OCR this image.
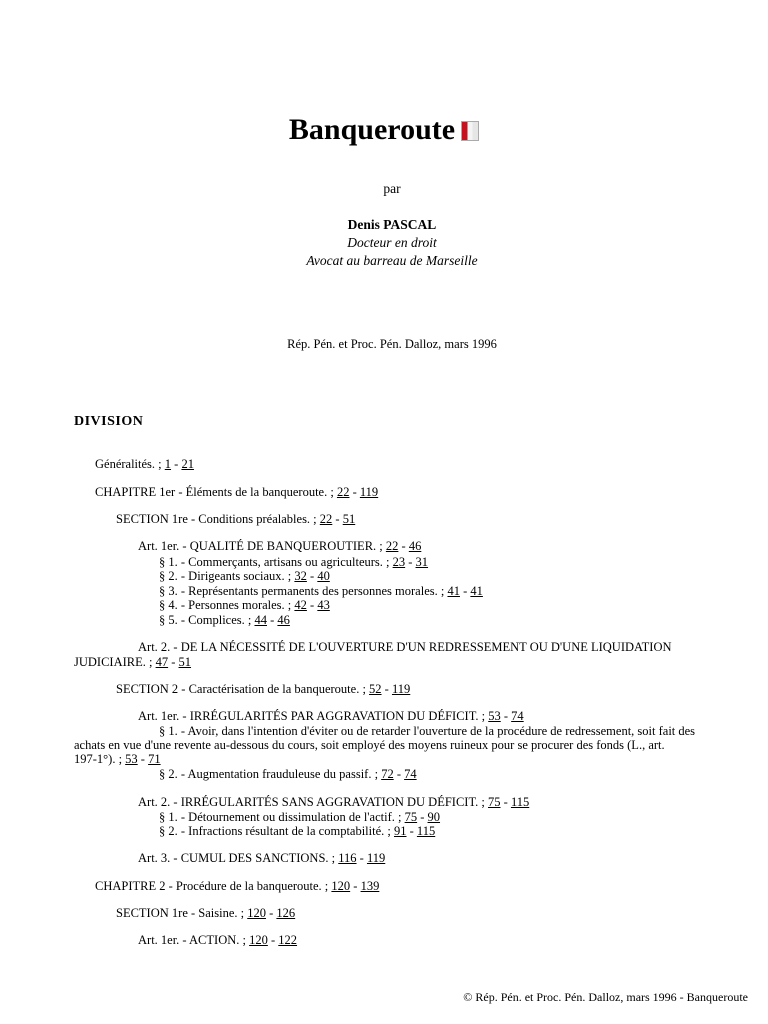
Banqueroute
par
Denis PASCAL
Docteur en droit
Avocat au barreau de Marseille
Rép. Pén. et Proc. Pén. Dalloz, mars 1996
DIVISION
Généralités. ; 1 - 21
CHAPITRE 1er - Éléments de la banqueroute. ; 22 - 119
SECTION 1re - Conditions préalables. ; 22 - 51
Art. 1er. - QUALITÉ DE BANQUEROUTIER. ; 22 - 46
§ 1. - Commerçants, artisans ou agriculteurs. ; 23 - 31
§ 2. - Dirigeants sociaux. ; 32 - 40
§ 3. - Représentants permanents des personnes morales. ; 41 - 41
§ 4. - Personnes morales. ; 42 - 43
§ 5. - Complices. ; 44 - 46
Art. 2. - DE LA NÉCESSITÉ DE L'OUVERTURE D'UN REDRESSEMENT OU D'UNE LIQUIDATION
JUDICIAIRE. ; 47 - 51
SECTION 2 - Caractérisation de la banqueroute. ; 52 - 119
Art. 1er. - IRRÉGULARITÉS PAR AGGRAVATION DU DÉFICIT. ; 53 - 74
§ 1. - Avoir, dans l'intention d'éviter ou de retarder l'ouverture de la procédure de redressement, soit fait des
achats en vue d'une revente au-dessous du cours, soit employé des moyens ruineux pour se procurer des fonds (L., art.
197-1°). ; 53 - 71
§ 2. - Augmentation frauduleuse du passif. ; 72 - 74
Art. 2. - IRRÉGULARITÉS SANS AGGRAVATION DU DÉFICIT. ; 75 - 115
§ 1. - Détournement ou dissimulation de l'actif. ; 75 - 90
§ 2. - Infractions résultant de la comptabilité. ; 91 - 115
Art. 3. - CUMUL DES SANCTIONS. ; 116 - 119
CHAPITRE 2 - Procédure de la banqueroute. ; 120 - 139
SECTION 1re - Saisine. ; 120 - 126
Art. 1er. - ACTION. ; 120 - 122
© Rép. Pén. et Proc. Pén. Dalloz, mars 1996 - Banqueroute
